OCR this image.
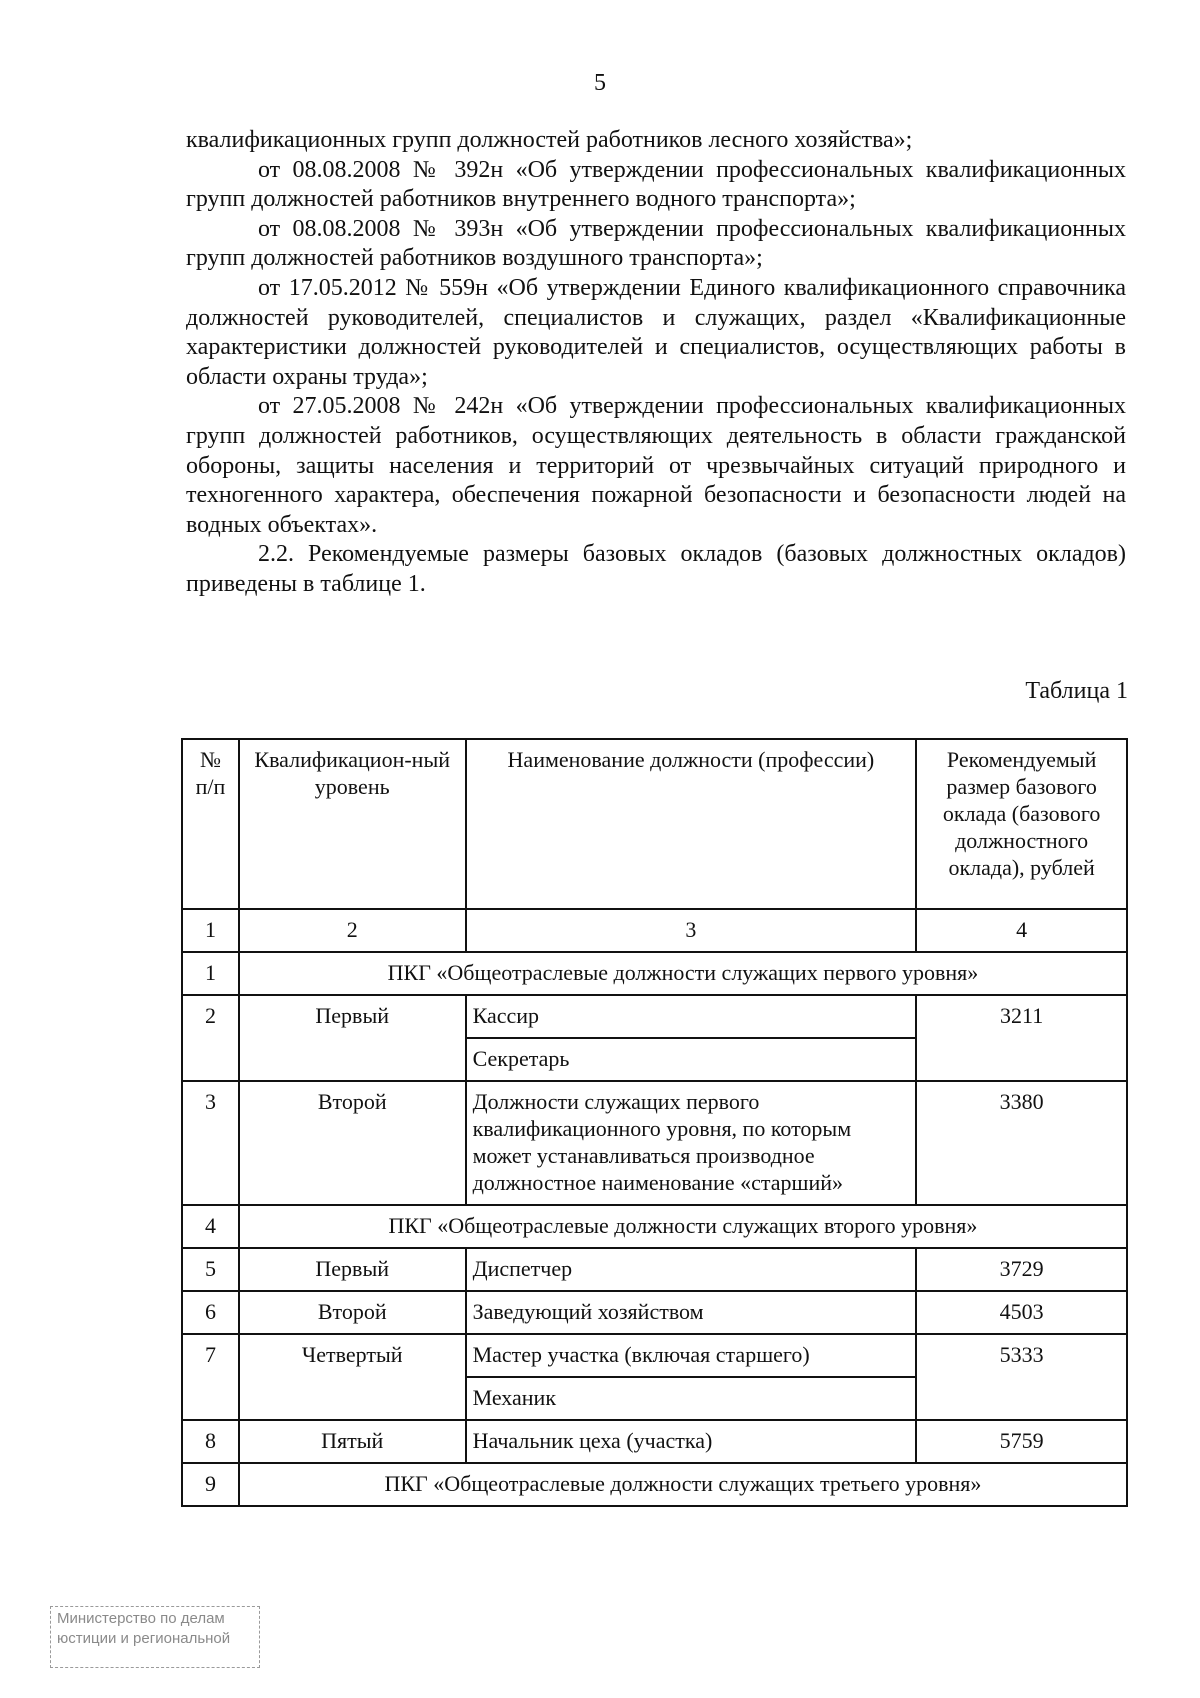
5

квалификационных групп должностей работников лесного хозяйства»;

от 08.08.2008 № 392н «Об утверждении профессиональных квалификационных групп должностей работников внутреннего водного транспорта»;

от 08.08.2008 № 393н «Об утверждении профессиональных квалификационных групп должностей работников воздушного транспорта»;

от 17.05.2012 № 559н «Об утверждении Единого квалификационного справочника должностей руководителей, специалистов и служащих, раздел «Квалификационные характеристики должностей руководителей и специалистов, осуществляющих работы в области охраны труда»;

от 27.05.2008 № 242н «Об утверждении профессиональных квалификационных групп должностей работников, осуществляющих деятельность в области гражданской обороны, защиты населения и территорий от чрезвычайных ситуаций природного и техногенного характера, обеспечения пожарной безопасности и безопасности людей на водных объектах».

2.2. Рекомендуемые размеры базовых окладов (базовых должностных окладов) приведены в таблице 1.

Таблица 1
№ п/п	Квалификацион-ный уровень	Наименование должности (профессии)	Рекомендуемый размер базового оклада (базового должностного оклада), рублей
1	2	3	4
1	ПКГ «Общеотраслевые должности служащих первого уровня»		
2	Первый	Кассир	3211
		Секретарь	
3	Второй	Должности служащих первого квалификационного уровня, по которым может устанавливаться производное должностное наименование «старший»	3380
4	ПКГ «Общеотраслевые должности служащих второго уровня»		
5	Первый	Диспетчер	3729
6	Второй	Заведующий хозяйством	4503
7	Четвертый	Мастер участка (включая старшего)	5333
		Механик	
8	Пятый	Начальник цеха (участка)	5759
9	ПКГ «Общеотраслевые должности служащих третьего уровня»		
Министерство по делам
юстиции и региональной
